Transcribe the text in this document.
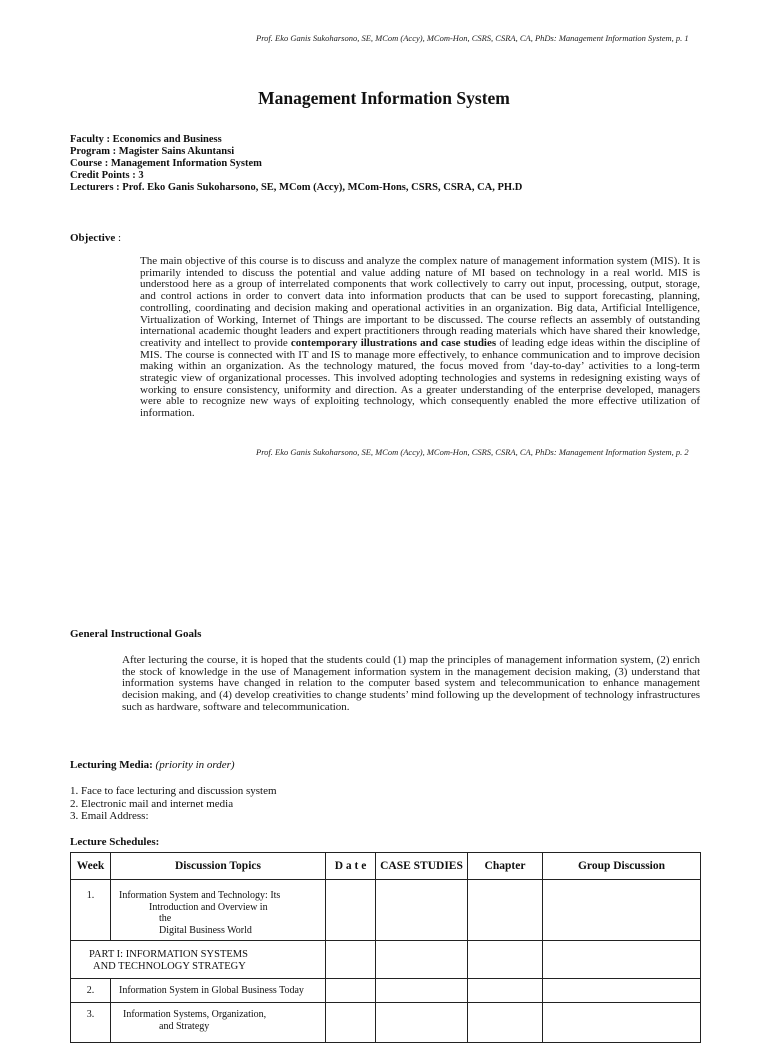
Prof. Eko Ganis Sukoharsono, SE, MCom (Accy), MCom-Hon, CSRS, CSRA, CA, PhDs: Management Information System, p. 1
Management Information System
Faculty : Economics and Business
Program : Magister Sains Akuntansi
Course : Management Information System
Credit Points : 3
Lecturers : Prof. Eko Ganis Sukoharsono, SE, MCom (Accy), MCom-Hons, CSRS, CSRA, CA, PH.D
Objective :
The main objective of this course is to discuss and analyze the complex nature of management information system (MIS). It is primarily intended to discuss the potential and value adding nature of MI based on technology in a real world. MIS is understood here as a group of interrelated components that work collectively to carry out input, processing, output, storage, and control actions in order to convert data into information products that can be used to support forecasting, planning, controlling, coordinating and decision making and operational activities in an organization. Big data, Artificial Intelligence, Virtualization of Working, Internet of Things are important to be discussed. The course reflects an assembly of outstanding international academic thought leaders and expert practitioners through reading materials which have shared their knowledge, creativity and intellect to provide contemporary illustrations and case studies of leading edge ideas within the discipline of MIS. The course is connected with IT and IS to manage more effectively, to enhance communication and to improve decision making within an organization. As the technology matured, the focus moved from ‘day-to-day’ activities to a long-term strategic view of organizational processes. This involved adopting technologies and systems in redesigning existing ways of working to ensure consistency, uniformity and direction. As a greater understanding of the enterprise developed, managers were able to recognize new ways of exploiting technology, which consequently enabled the more effective utilization of information.
Prof. Eko Ganis Sukoharsono, SE, MCom (Accy), MCom-Hon, CSRS, CSRA, CA, PhDs: Management Information System, p. 2
General Instructional Goals
After lecturing the course, it is hoped that the students could (1) map the principles of management information system, (2) enrich the stock of knowledge in the use of Management information system in the management decision making, (3) understand that information systems have changed in relation to the computer based system and telecommunication to enhance management decision making, and (4) develop creativities to change students’ mind following up the development of technology infrastructures such as hardware, software and telecommunication.
Lecturing Media: (priority in order)
1. Face to face lecturing and discussion system
2. Electronic mail and internet media
3. Email Address:
Lecture Schedules:
Week	Discussion Topics	D a t e	CASE STUDIES	Chapter	Group Discussion
1.	Information System and Technology: Its
Introduction and Overview in
the
Digital Business World				

PART I: INFORMATION SYSTEMS
AND TECHNOLOGY STRATEGY					

2.	Information System in Global Business Today				

3.	Information Systems, Organization,
and Strategy				
